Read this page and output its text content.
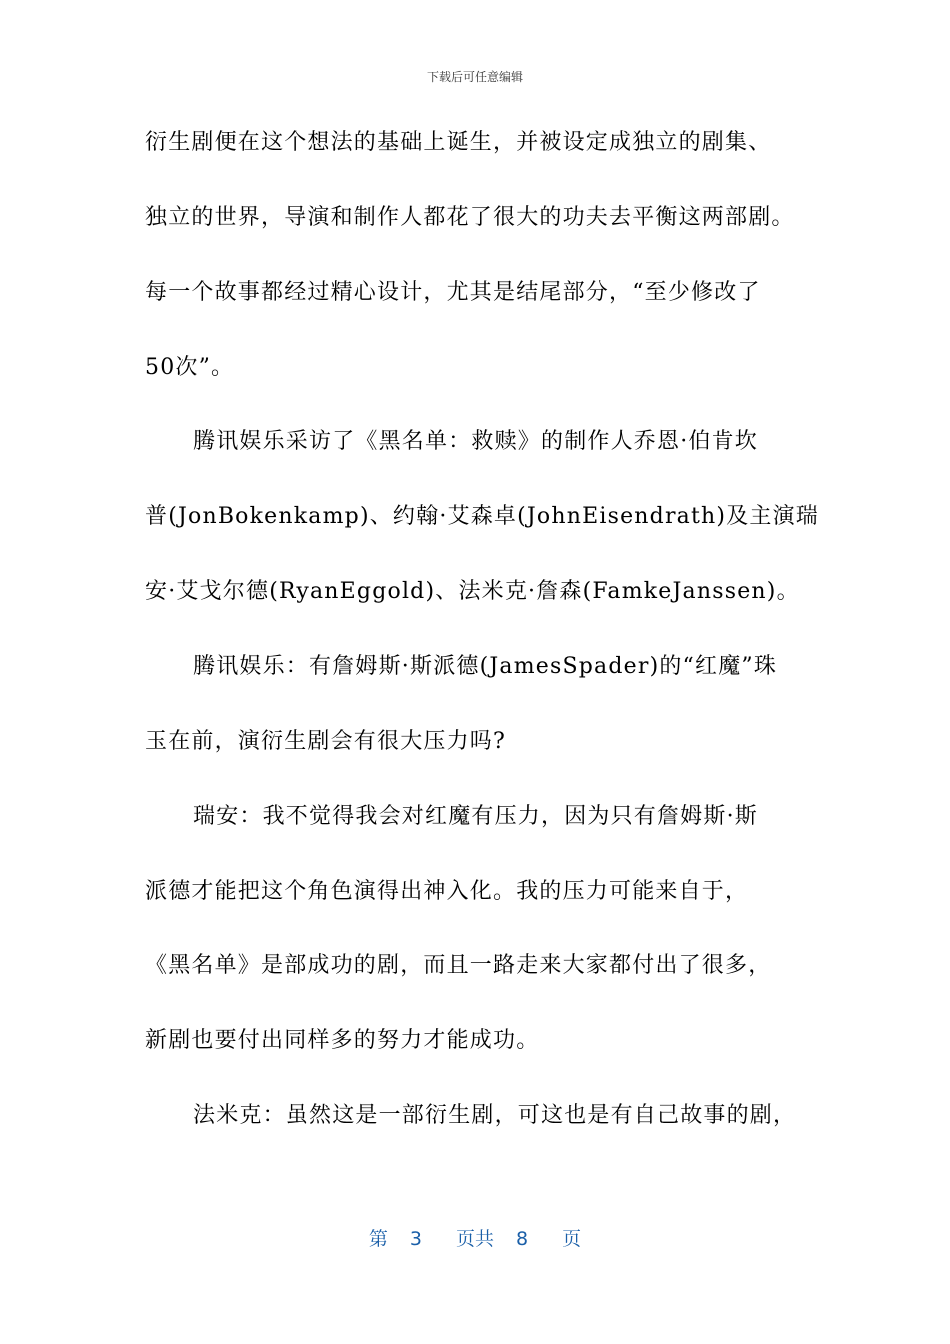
下载后可任意编辑
衍生剧便在这个想法的基础上诞生，并被设定成独立的剧集、
独立的世界，导演和制作人都花了很大的功夫去平衡这两部剧。
每一个故事都经过精心设计，尤其是结尾部分，“至少修改了
50次”。
腾讯娱乐采访了《黑名单：救赎》的制作人乔恩·伯肯坎
普(JonBokenkamp)、约翰·艾森卓(JohnEisendrath)及主演瑞
安·艾戈尔德(RyanEggold)、法米克·詹森(FamkeJanssen)。
腾讯娱乐：有詹姆斯·斯派德(JamesSpader)的“红魔”珠
玉在前，演衍生剧会有很大压力吗?
瑞安：我不觉得我会对红魔有压力，因为只有詹姆斯·斯
派德才能把这个角色演得出神入化。我的压力可能来自于，
《黑名单》是部成功的剧，而且一路走来大家都付出了很多，
新剧也要付出同样多的努力才能成功。
法米克：虽然这是一部衍生剧，可这也是有自己故事的剧，
第 3 页共 8 页
